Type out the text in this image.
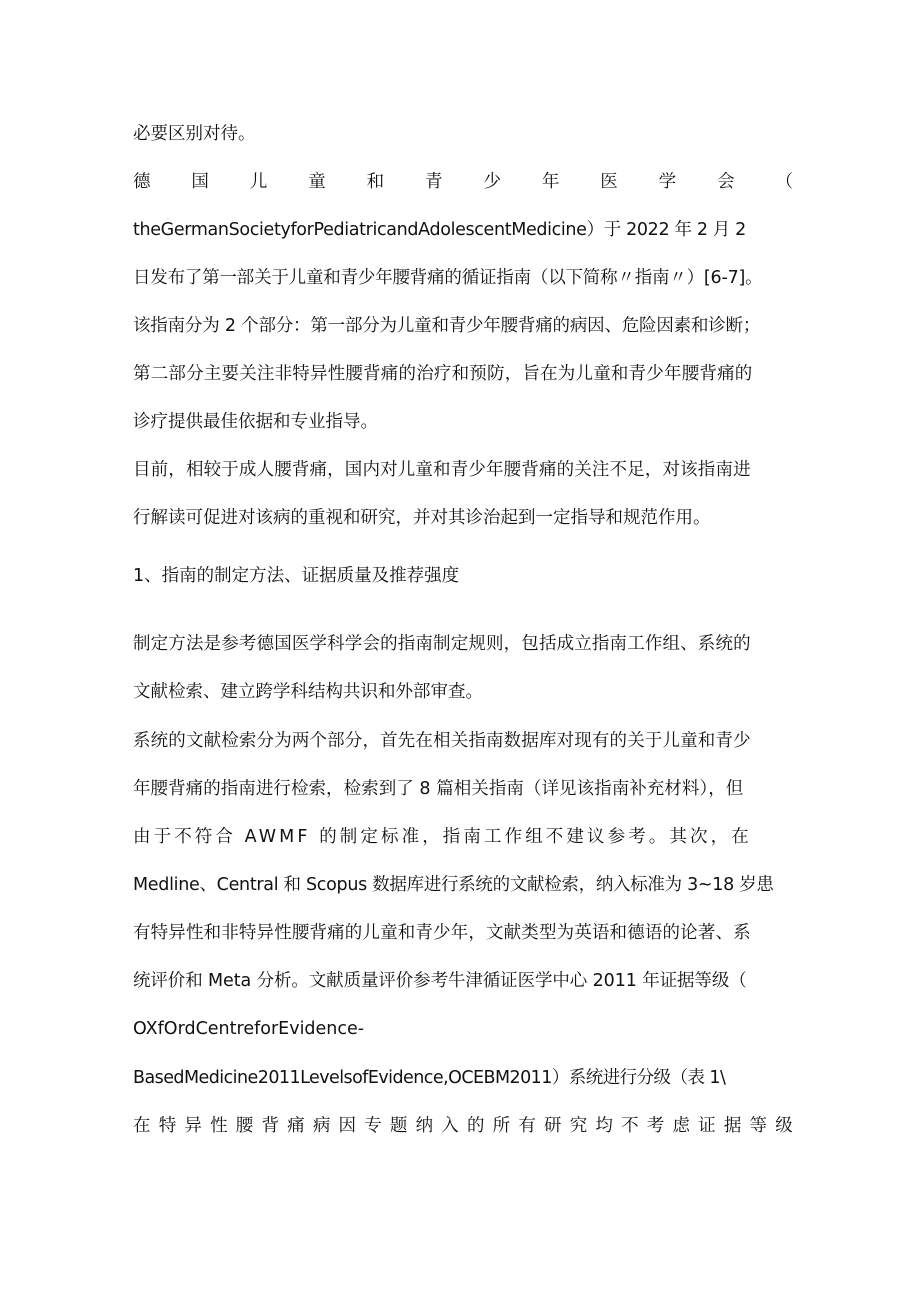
必要区别对待。
德 国 儿 童 和 青 少 年 医 学 会 （
theGermanSocietyforPediatricandAdolescentMedicine）于 2022 年 2 月 2
日发布了第一部关于儿童和青少年腰背痛的循证指南（以下简称〃指南〃）[6-7]。
该指南分为 2 个部分：第一部分为儿童和青少年腰背痛的病因、危险因素和诊断；
第二部分主要关注非特异性腰背痛的治疗和预防，旨在为儿童和青少年腰背痛的
诊疗提供最佳依据和专业指导。
目前，相较于成人腰背痛，国内对儿童和青少年腰背痛的关注不足，对该指南进
行解读可促进对该病的重视和研究，并对其诊治起到一定指导和规范作用。
1、指南的制定方法、证据质量及推荐强度
制定方法是参考德国医学科学会的指南制定规则，包括成立指南工作组、系统的
文献检索、建立跨学科结构共识和外部审查。
系统的文献检索分为两个部分，首先在相关指南数据库对现有的关于儿童和青少
年腰背痛的指南进行检索，检索到了 8 篇相关指南（详见该指南补充材料），但
由于不符合 AWMF 的制定标准，指南工作组不建议参考。其次，在
Medline、Central 和 Scopus 数据库进行系统的文献检索，纳入标准为 3~18 岁患
有特异性和非特异性腰背痛的儿童和青少年，文献类型为英语和德语的论著、系
统评价和 Meta 分析。文献质量评价参考牛津循证医学中心 2011 年证据等级（
OXfOrdCentreforEvidence-
BasedMedicine2011LevelsofEvidence,OCEBM2011）系统进行分级（表 1\
在 特 异 性 腰 背 痛 病 因 专 题 纳 入 的 所 有 研 究 均 不 考 虑 证 据 等 级
